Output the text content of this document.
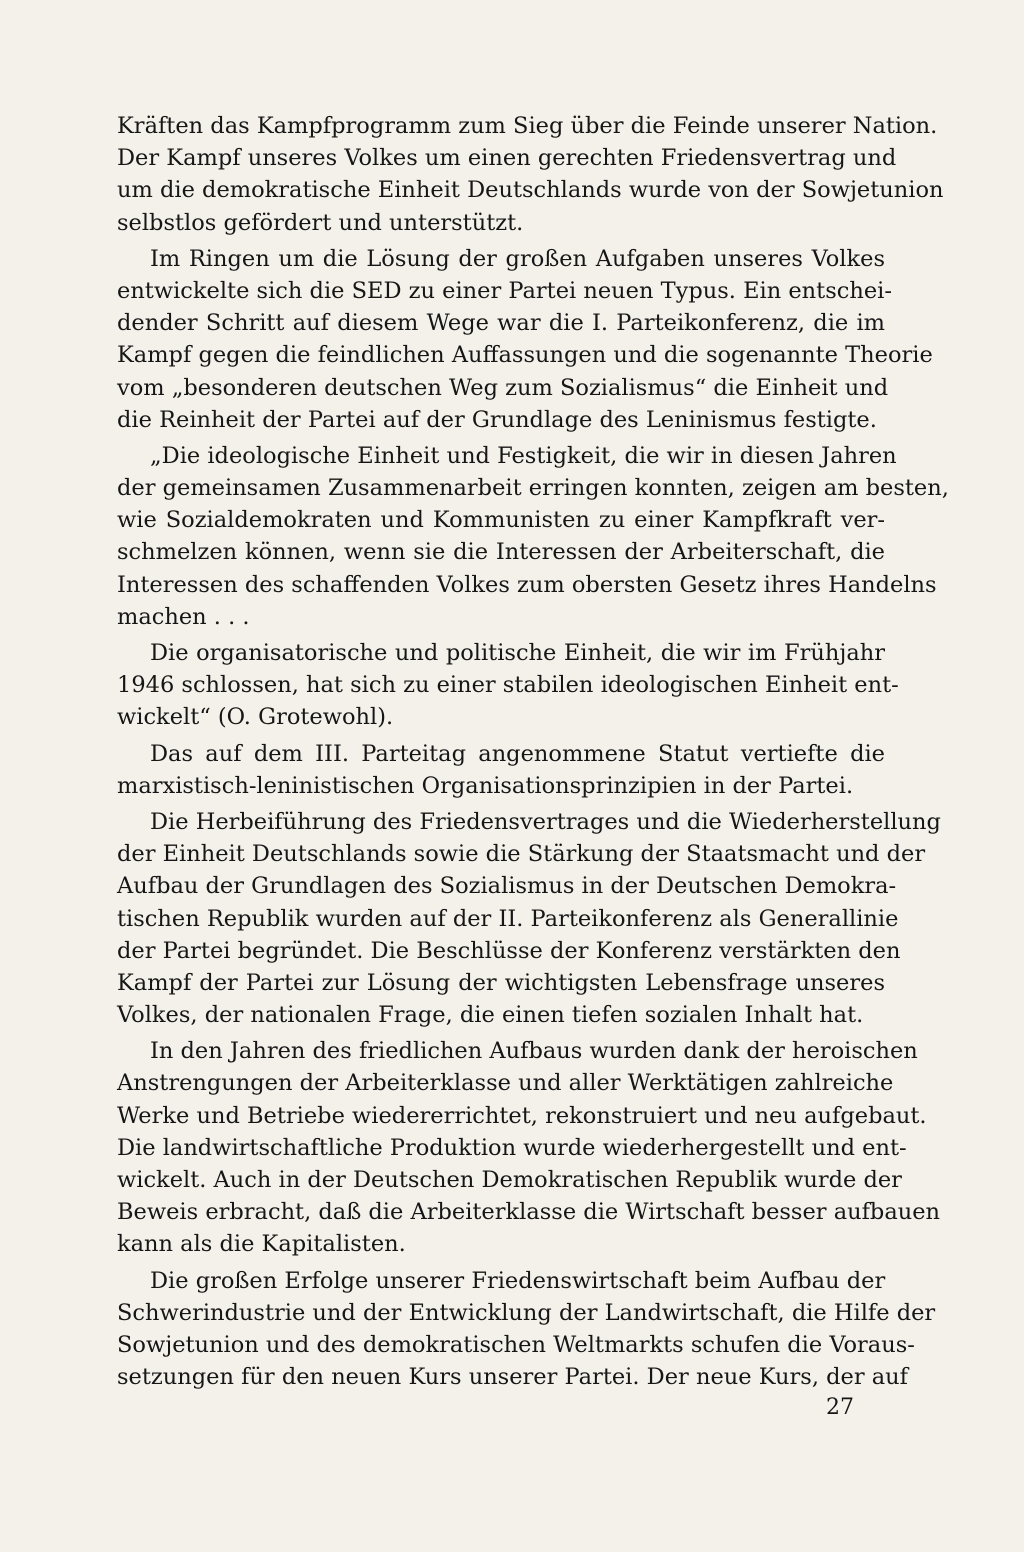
Kräften das Kampfprogramm zum Sieg über die Feinde unserer Nation.
Der Kampf unseres Volkes um einen gerechten Friedensvertrag und
um die demokratische Einheit Deutschlands wurde von der Sowjetunion
selbstlos gefördert und unterstützt.
Im Ringen um die Lösung der großen Aufgaben unseres Volkes
entwickelte sich die SED zu einer Partei neuen Typus. Ein entschei-
dender Schritt auf diesem Wege war die I. Parteikonferenz, die im
Kampf gegen die feindlichen Auffassungen und die sogenannte Theorie
vom „besonderen deutschen Weg zum Sozialismus“ die Einheit und
die Reinheit der Partei auf der Grundlage des Leninismus festigte.
„Die ideologische Einheit und Festigkeit, die wir in diesen Jahren
der gemeinsamen Zusammenarbeit erringen konnten, zeigen am besten,
wie Sozialdemokraten und Kommunisten zu einer Kampfkraft ver-
schmelzen können, wenn sie die Interessen der Arbeiterschaft, die
Interessen des schaffenden Volkes zum obersten Gesetz ihres Handelns
machen . . .
Die organisatorische und politische Einheit, die wir im Frühjahr
1946 schlossen, hat sich zu einer stabilen ideologischen Einheit ent-
wickelt“ (O. Grotewohl).
Das auf dem III. Parteitag angenommene Statut vertiefte die
marxistisch-leninistischen Organisationsprinzipien in der Partei.
Die Herbeiführung des Friedensvertrages und die Wiederherstellung
der Einheit Deutschlands sowie die Stärkung der Staatsmacht und der
Aufbau der Grundlagen des Sozialismus in der Deutschen Demokra-
tischen Republik wurden auf der II. Parteikonferenz als Generallinie
der Partei begründet. Die Beschlüsse der Konferenz verstärkten den
Kampf der Partei zur Lösung der wichtigsten Lebensfrage unseres
Volkes, der nationalen Frage, die einen tiefen sozialen Inhalt hat.
In den Jahren des friedlichen Aufbaus wurden dank der heroischen
Anstrengungen der Arbeiterklasse und aller Werktätigen zahlreiche
Werke und Betriebe wiedererrichtet, rekonstruiert und neu aufgebaut.
Die landwirtschaftliche Produktion wurde wiederhergestellt und ent-
wickelt. Auch in der Deutschen Demokratischen Republik wurde der
Beweis erbracht, daß die Arbeiterklasse die Wirtschaft besser aufbauen
kann als die Kapitalisten.
Die großen Erfolge unserer Friedenswirtschaft beim Aufbau der
Schwerindustrie und der Entwicklung der Landwirtschaft, die Hilfe der
Sowjetunion und des demokratischen Weltmarkts schufen die Voraus-
setzungen für den neuen Kurs unserer Partei. Der neue Kurs, der auf
27
